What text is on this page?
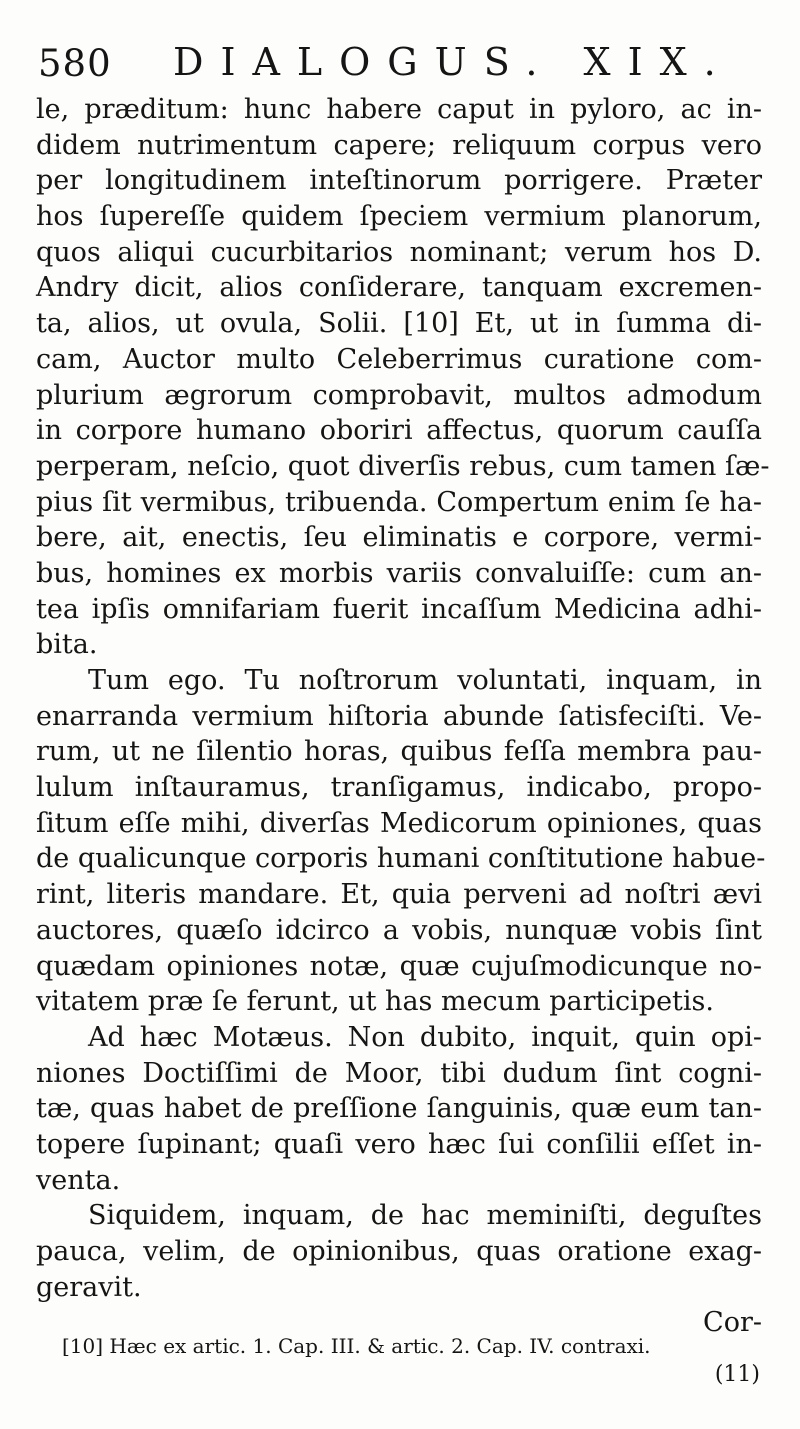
580 DIALOGUS. XIX.
le, præditum: hunc habere caput in pyloro, ac in-
didem nutrimentum capere; reliquum corpus vero
per longitudinem inteſtinorum porrigere. Præter
hos ſupereſſe quidem ſpeciem vermium planorum,
quos aliqui cucurbitarios nominant; verum hos D.
Andry dicit, alios conſiderare, tanquam excremen-
ta, alios, ut ovula, Solii. [10] Et, ut in ſumma di-
cam, Auctor multo Celeberrimus curatione com-
plurium ægrorum comprobavit, multos admodum
in corpore humano oboriri affectus, quorum cauſſa
perperam, neſcio, quot diverſis rebus, cum tamen ſæ-
pius ſit vermibus, tribuenda. Compertum enim ſe ha-
bere, ait, enectis, ſeu eliminatis e corpore, vermi-
bus, homines ex morbis variis convaluiſſe: cum an-
tea ipſis omnifariam fuerit incaſſum Medicina adhi-
bita.
Tum ego. Tu noſtrorum voluntati, inquam, in
enarranda vermium hiſtoria abunde ſatisfeciſti. Ve-
rum, ut ne ſilentio horas, quibus feſſa membra pau-
lulum inſtauramus, tranſigamus, indicabo, propo-
ſitum eſſe mihi, diverſas Medicorum opiniones, quas
de qualicunque corporis humani conſtitutione habue-
rint, literis mandare. Et, quia perveni ad noſtri ævi
auctores, quæſo idcirco a vobis, nunquæ vobis ſint
quædam opiniones notæ, quæ cujuſmodicunque no-
vitatem præ ſe ferunt, ut has mecum participetis.
Ad hæc Motæus. Non dubito, inquit, quin opi-
niones Doctiſſimi de Moor, tibi dudum ſint cogni-
tæ, quas habet de preſſione ſanguinis, quæ eum tan-
topere ſupinant; quaſi vero hæc ſui conſilii eſſet in-
venta.
Siquidem, inquam, de hac meminiſti, deguſtes
pauca, velim, de opinionibus, quas oratione exag-
geravit.
Cor-
[10] Hæc ex artic. 1. Cap. III. & artic. 2. Cap. IV. contraxi.
(11)
